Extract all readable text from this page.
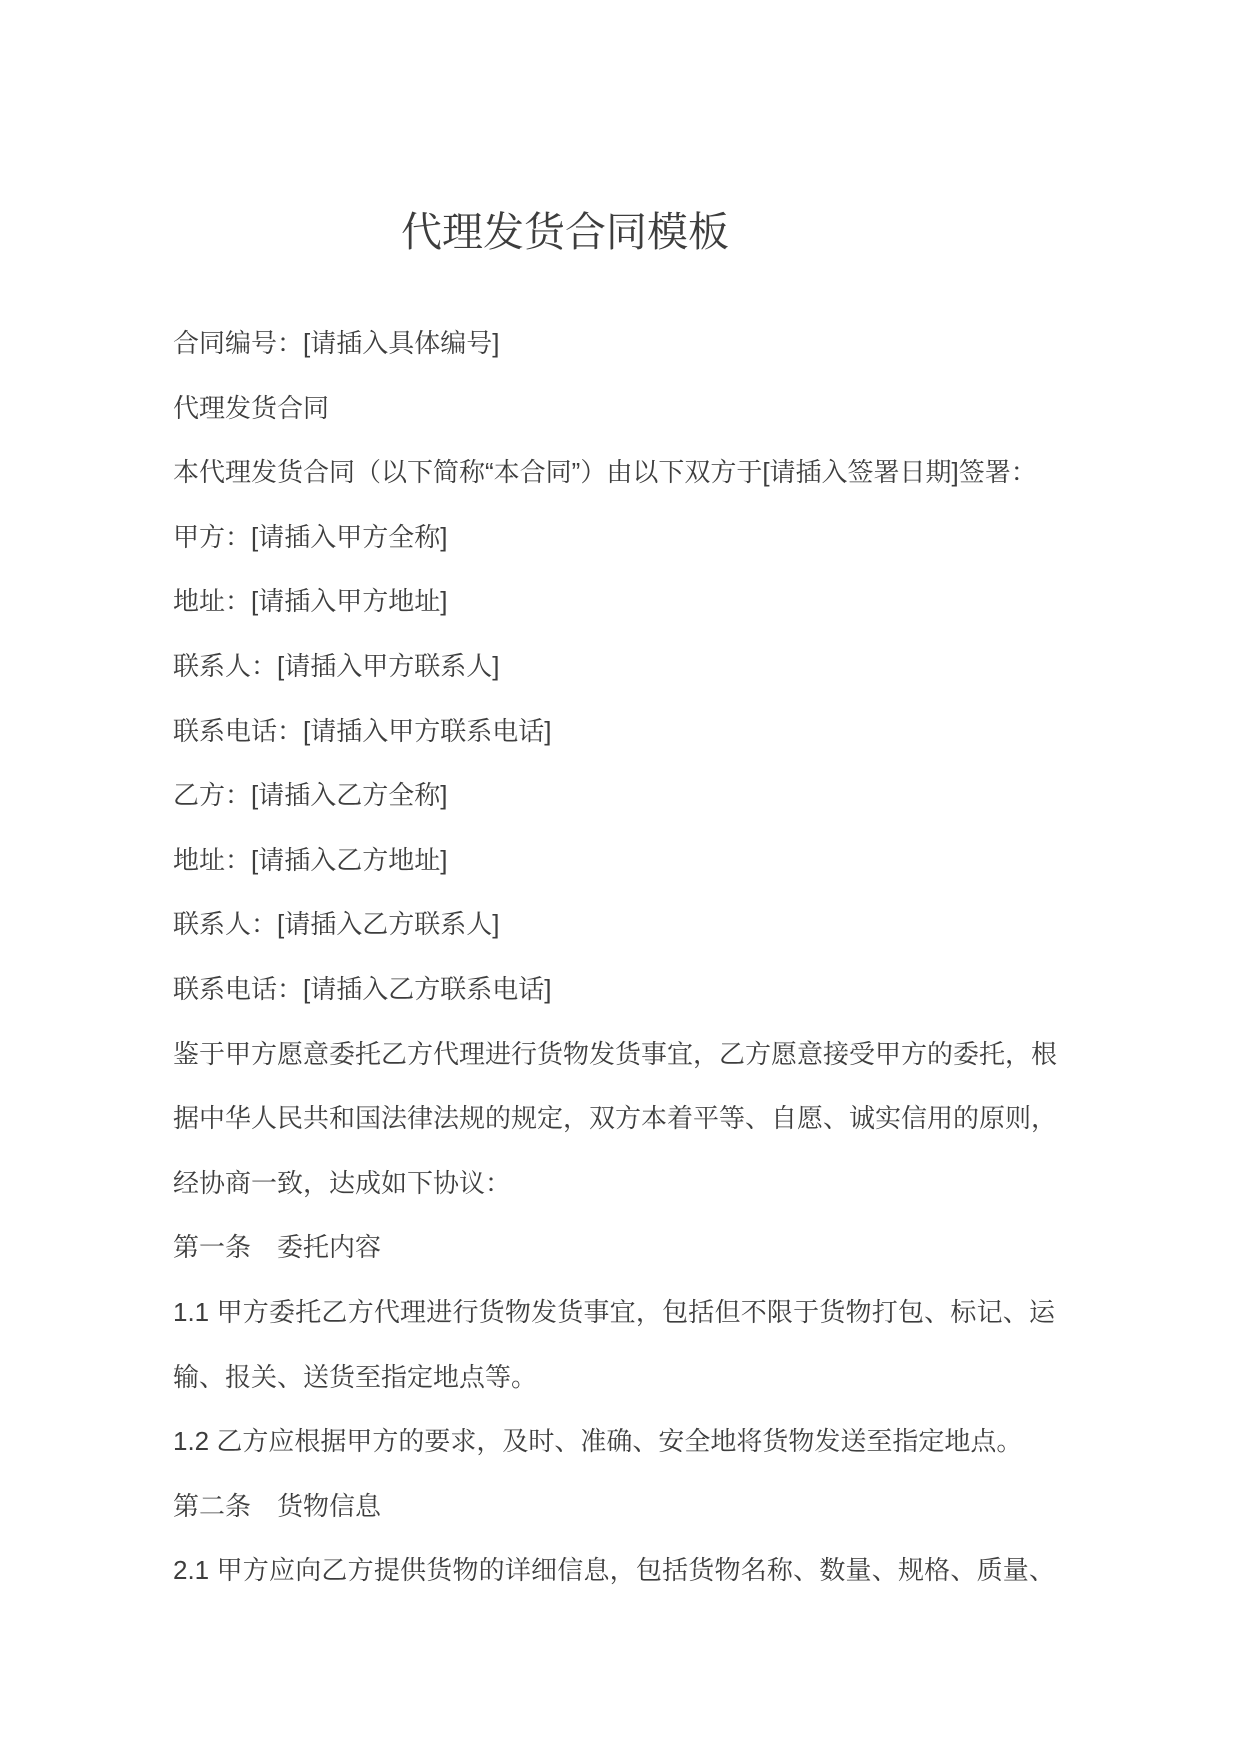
代理发货合同模板
合同编号：[请插入具体编号]
代理发货合同
本代理发货合同（以下简称“本合同”）由以下双方于[请插入签署日期]签署：
甲方：[请插入甲方全称]
地址：[请插入甲方地址]
联系人：[请插入甲方联系人]
联系电话：[请插入甲方联系电话]
乙方：[请插入乙方全称]
地址：[请插入乙方地址]
联系人：[请插入乙方联系人]
联系电话：[请插入乙方联系电话]
鉴于甲方愿意委托乙方代理进行货物发货事宜，乙方愿意接受甲方的委托，根
据中华人民共和国法律法规的规定，双方本着平等、自愿、诚实信用的原则，
经协商一致，达成如下协议：
第一条　委托内容
1.1 甲方委托乙方代理进行货物发货事宜，包括但不限于货物打包、标记、运
输、报关、送货至指定地点等。
1.2 乙方应根据甲方的要求，及时、准确、安全地将货物发送至指定地点。
第二条　货物信息
2.1 甲方应向乙方提供货物的详细信息，包括货物名称、数量、规格、质量、
